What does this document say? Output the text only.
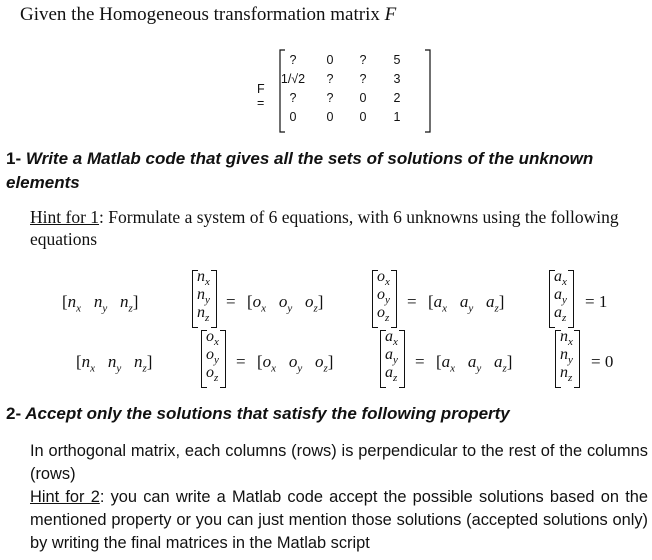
Given the Homogeneous transformation matrix F
F =
?	0	?	5
1/√2	?	?	3
?	?	0	2
0	0	0	1
1- Write a Matlab code that gives all the sets of solutions of the unknown elements
Hint for 1: Formulate a system of 6 equations, with 6 unknowns using the following equations
[$n_x$   $n_y$   $n_z$]
$n_x$
$n_y$
$n_z$
= [$o_x$   $o_y$   $o_z$]
$o_x$
$o_y$
$o_z$
= [$a_x$   $a_y$   $a_z$]
$a_x$
$a_y$
$a_z$
= 1
[$n_x$   $n_y$   $n_z$]
$o_x$
$o_y$
$o_z$
= [$o_x$   $o_y$   $o_z$]
$a_x$
$a_y$
$a_z$
= [$a_x$   $a_y$   $a_z$]
$n_x$
$n_y$
$n_z$
= 0
2- Accept only the solutions that satisfy the following property
In orthogonal matrix, each columns (rows) is perpendicular to the rest of the columns (rows)
Hint for 2: you can write a Matlab code accept the possible solutions based on the mentioned property or you can just mention those solutions (accepted solutions only) by writing the final matrices in the Matlab script
